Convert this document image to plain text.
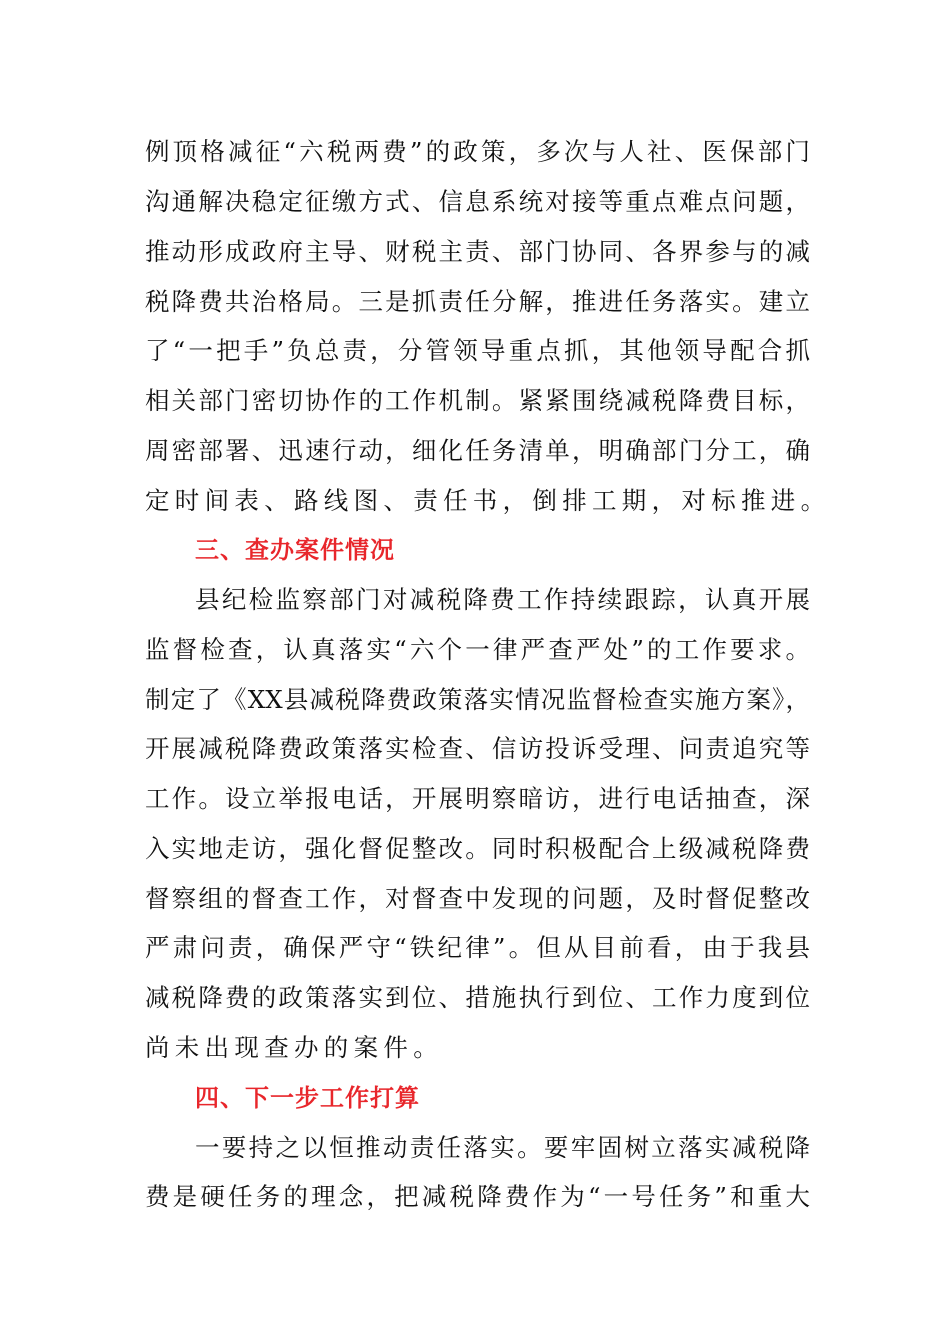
例顶格减征“六税两费”的政策，多次与人社、医保部门
沟通解决稳定征缴方式、信息系统对接等重点难点问题，
推动形成政府主导、财税主责、部门协同、各界参与的减
税降费共治格局。三是抓责任分解，推进任务落实。建立
了“一把手”负总责，分管领导重点抓，其他领导配合抓
相关部门密切协作的工作机制。紧紧围绕减税降费目标，
周密部署、迅速行动，细化任务清单，明确部门分工，确
定时间表、路线图、责任书，倒排工期，对标推进。
三、查办案件情况
县纪检监察部门对减税降费工作持续跟踪，认真开展
监督检查，认真落实“六个一律严查严处”的工作要求。
制定了《XX县减税降费政策落实情况监督检查实施方案》，
开展减税降费政策落实检查、信访投诉受理、问责追究等
工作。设立举报电话，开展明察暗访，进行电话抽查，深
入实地走访，强化督促整改。同时积极配合上级减税降费
督察组的督查工作，对督查中发现的问题，及时督促整改
严肃问责，确保严守“铁纪律”。但从目前看，由于我县
减税降费的政策落实到位、措施执行到位、工作力度到位
尚未出现查办的案件。
四、下一步工作打算
一要持之以恒推动责任落实。要牢固树立落实减税降
费是硬任务的理念，把减税降费作为“一号任务”和重大
